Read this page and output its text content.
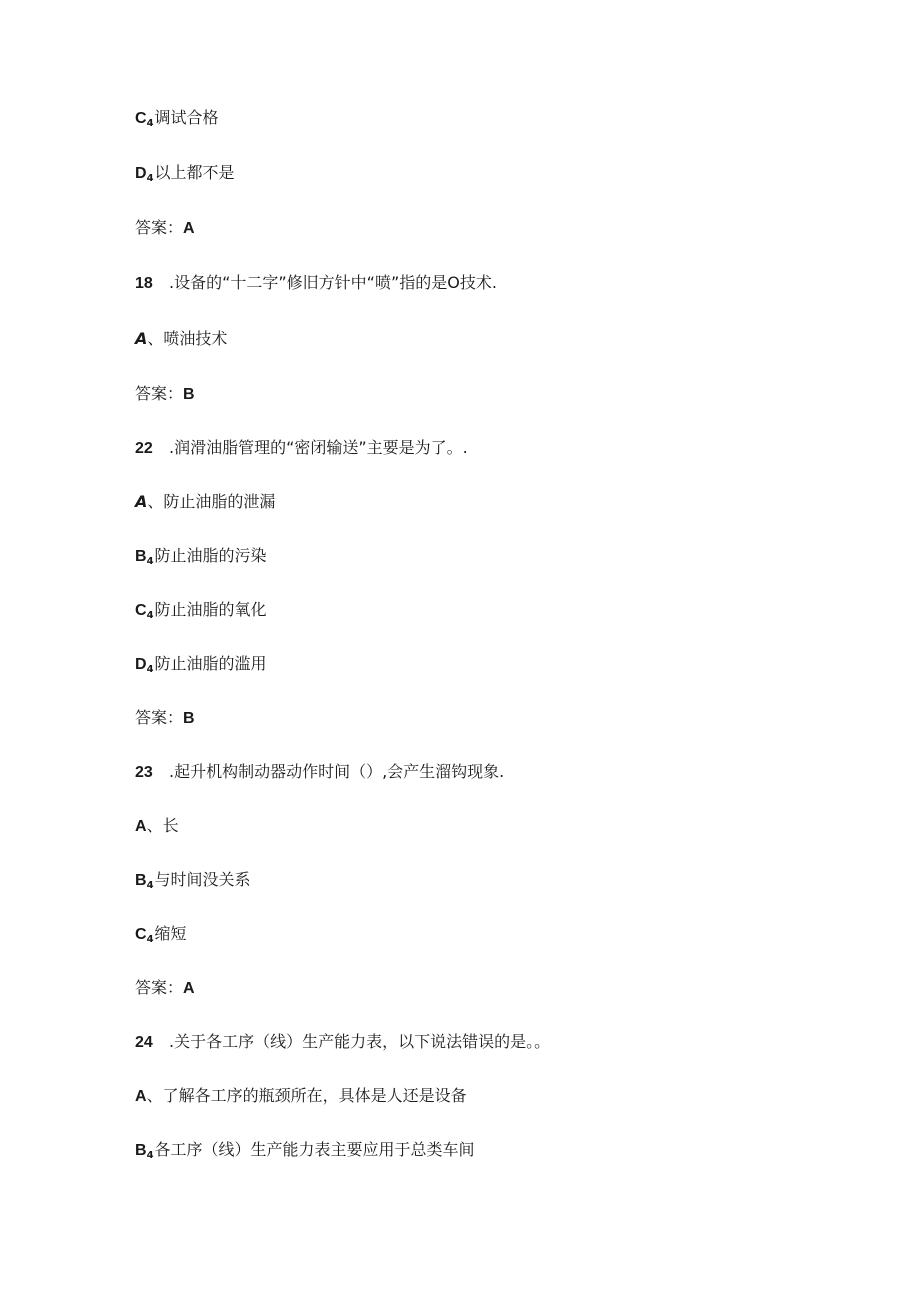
$C_4$调试合格
$D_4$以上都不是
答案：A
18 .设备的“十二字”修旧方针中“喷”指的是O技术.
A、喷油技术
答案：B
22 .润滑油脂管理的“密闭输送”主要是为了。.
A、防止油脂的泄漏
$B_4$防止油脂的污染
$C_4$防止油脂的氧化
$D_4$防止油脂的滥用
答案：B
23 .起升机构制动器动作时间（）,会产生溜钩现象.
A、长
$B_4$与时间没关系
$C_4$缩短
答案：A
24 .关于各工序（线）生产能力表，以下说法错误的是。。
A、了解各工序的瓶颈所在，具体是人还是设备
$B_4$各工序（线）生产能力表主要应用于总类车间
